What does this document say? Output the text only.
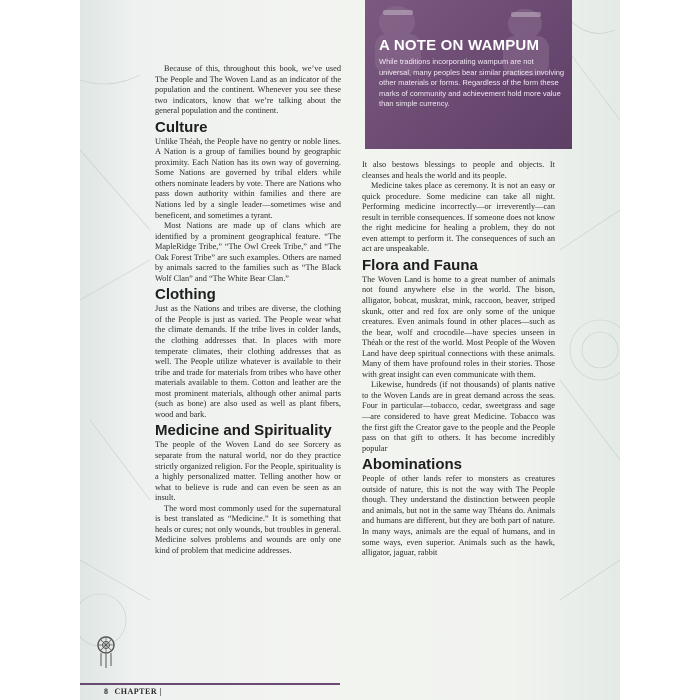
A NOTE ON WAMPUM
While traditions incorporating wampum are not universal, many peoples bear similar practices involving other materials or forms. Regardless of the form these marks of community and achievement hold more value than simple currency.

Because of this, throughout this book, we’ve used The People and The Woven Land as an indicator of the population and the continent. Whenever you see these two indicators, know that we’re talking about the general population and the continent.

Culture

Unlike Théah, the People have no gentry or noble lines. A Nation is a group of families bound by geographic proximity. Each Nation has its own way of governing. Some Nations are governed by tribal elders while others nominate leaders by vote. There are Nations who pass down authority within families and there are Nations led by a single leader—sometimes wise and beneficent, and sometimes a tyrant.

Most Nations are made up of clans which are identified by a prominent geographical feature. “The MapleRidge Tribe,” “The Owl Creek Tribe,” and “The Oak Forest Tribe” are such examples. Others are named by animals sacred to the families such as “The Black Wolf Clan” and “The White Bear Clan.”

Clothing

Just as the Nations and tribes are diverse, the clothing of the People is just as varied. The People wear what the climate demands. If the tribe lives in colder lands, the clothing addresses that. In places with more temperate climates, their clothing addresses that as well. The People utilize whatever is available to their tribe and trade for materials from tribes who have other materials available to them. Cotton and leather are the most prominent materials, although other animal parts (such as bone) are also used as well as plant fibers, wood and bark.

Medicine and Spirituality

The people of the Woven Land do see Sorcery as separate from the natural world, nor do they practice strictly organized religion. For the People, spirituality is a highly personalized matter. Telling another how or what to believe is rude and can even be seen as an insult.

The word most commonly used for the supernatural is best translated as “Medicine.” It is something that heals or cures; not only wounds, but troubles in general. Medicine solves problems and wounds are only one kind of problem that medicine addresses.

It also bestows blessings to people and objects. It cleanses and heals the world and its people.

Medicine takes place as ceremony. It is not an easy or quick procedure. Some medicine can take all night. Performing medicine incorrectly—or irreverently—can result in terrible consequences. If someone does not know the right medicine for healing a problem, they do not even attempt to perform it. The consequences of such an act are unspeakable.

Flora and Fauna

The Woven Land is home to a great number of animals not found anywhere else in the world. The bison, alligator, bobcat, muskrat, mink, raccoon, beaver, striped skunk, otter and red fox are only some of the unique creatures. Even animals found in other places—such as the bear, wolf and crocodile—have species unseen in Théah or the rest of the world. Most People of the Woven Land have deep spiritual connections with these animals. Many of them have profound roles in their stories. Those with great insight can even communicate with them.

Likewise, hundreds (if not thousands) of plants native to the Woven Lands are in great demand across the seas. Four in particular—tobacco, cedar, sweetgrass and sage—are considered to have great Medicine. Tobacco was the first gift the Creator gave to the people and the People pass on that gift to others. It has become incredibly popular

Abominations

People of other lands refer to monsters as creatures outside of nature, this is not the way with The People though. They understand the distinction between people and animals, but not in the same way Théans do. Animals and humans are different, but they are both part of nature. In many ways, animals are the equal of humans, and in some ways, even superior. Animals such as the hawk, alligator, jaguar, rabbit

8 CHAPTER |
